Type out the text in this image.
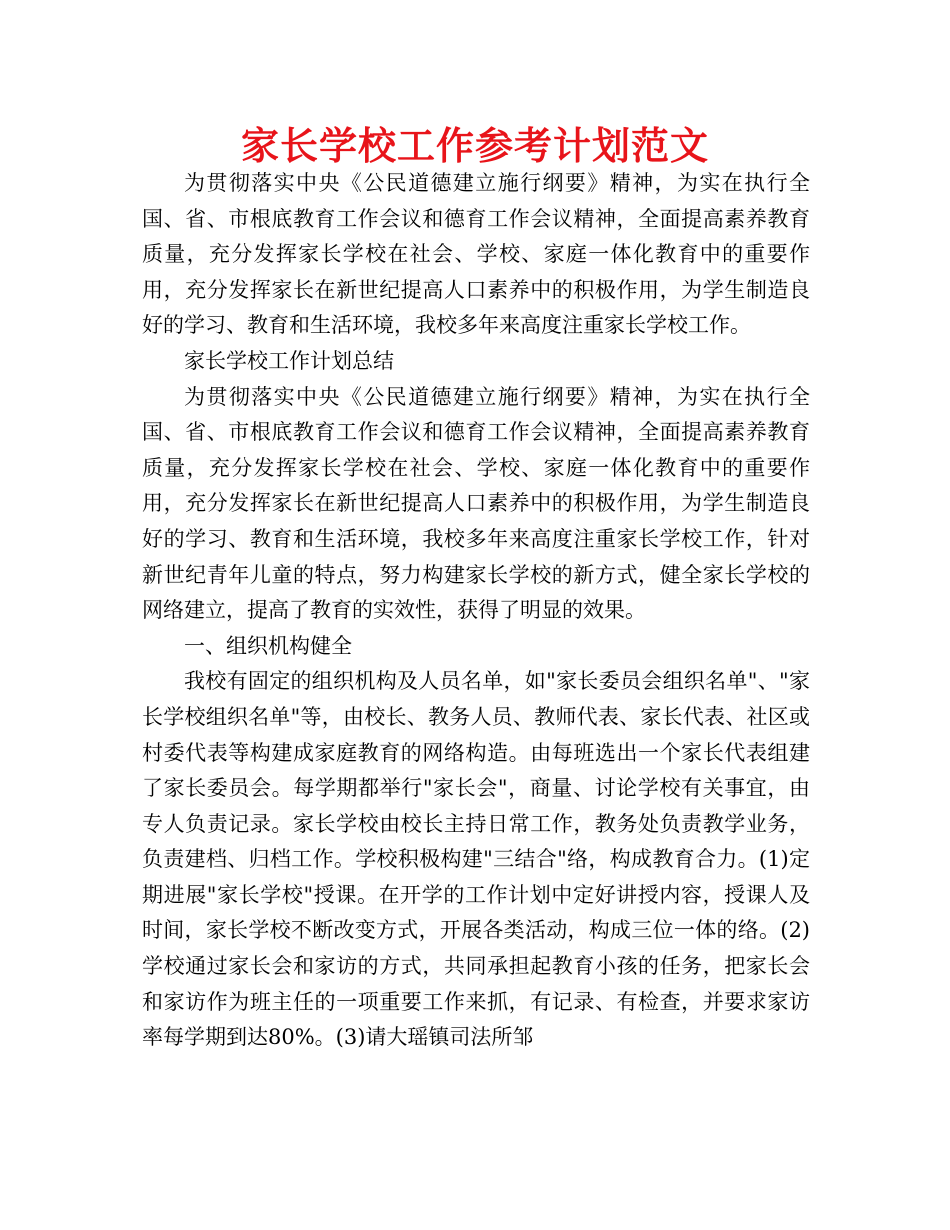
家长学校工作参考计划范文

为贯彻落实中央《公民道德建立施行纲要》精神，为实在执行全国、省、市根底教育工作会议和德育工作会议精神，全面提高素养教育质量，充分发挥家长学校在社会、学校、家庭一体化教育中的重要作用，充分发挥家长在新世纪提高人口素养中的积极作用，为学生制造良好的学习、教育和生活环境，我校多年来高度注重家长学校工作。

家长学校工作计划总结

为贯彻落实中央《公民道德建立施行纲要》精神，为实在执行全国、省、市根底教育工作会议和德育工作会议精神，全面提高素养教育质量，充分发挥家长学校在社会、学校、家庭一体化教育中的重要作用，充分发挥家长在新世纪提高人口素养中的积极作用，为学生制造良好的学习、教育和生活环境，我校多年来高度注重家长学校工作，针对新世纪青年儿童的特点，努力构建家长学校的新方式，健全家长学校的网络建立，提高了教育的实效性，获得了明显的效果。

一、组织机构健全

我校有固定的组织机构及人员名单，如"家长委员会组织名单"、"家长学校组织名单"等，由校长、教务人员、教师代表、家长代表、社区或村委代表等构建成家庭教育的网络构造。由每班选出一个家长代表组建了家长委员会。每学期都举行"家长会"，商量、讨论学校有关事宜，由专人负责记录。家长学校由校长主持日常工作，教务处负责教学业务，负责建档、归档工作。学校积极构建"三结合"络，构成教育合力。(1)定期进展"家长学校"授课。在开学的工作计划中定好讲授内容，授课人及时间，家长学校不断改变方式，开展各类活动，构成三位一体的络。(2)学校通过家长会和家访的方式，共同承担起教育小孩的任务，把家长会和家访作为班主任的一项重要工作来抓，有记录、有检查，并要求家访率每学期到达80%。(3)请大瑶镇司法所邹
